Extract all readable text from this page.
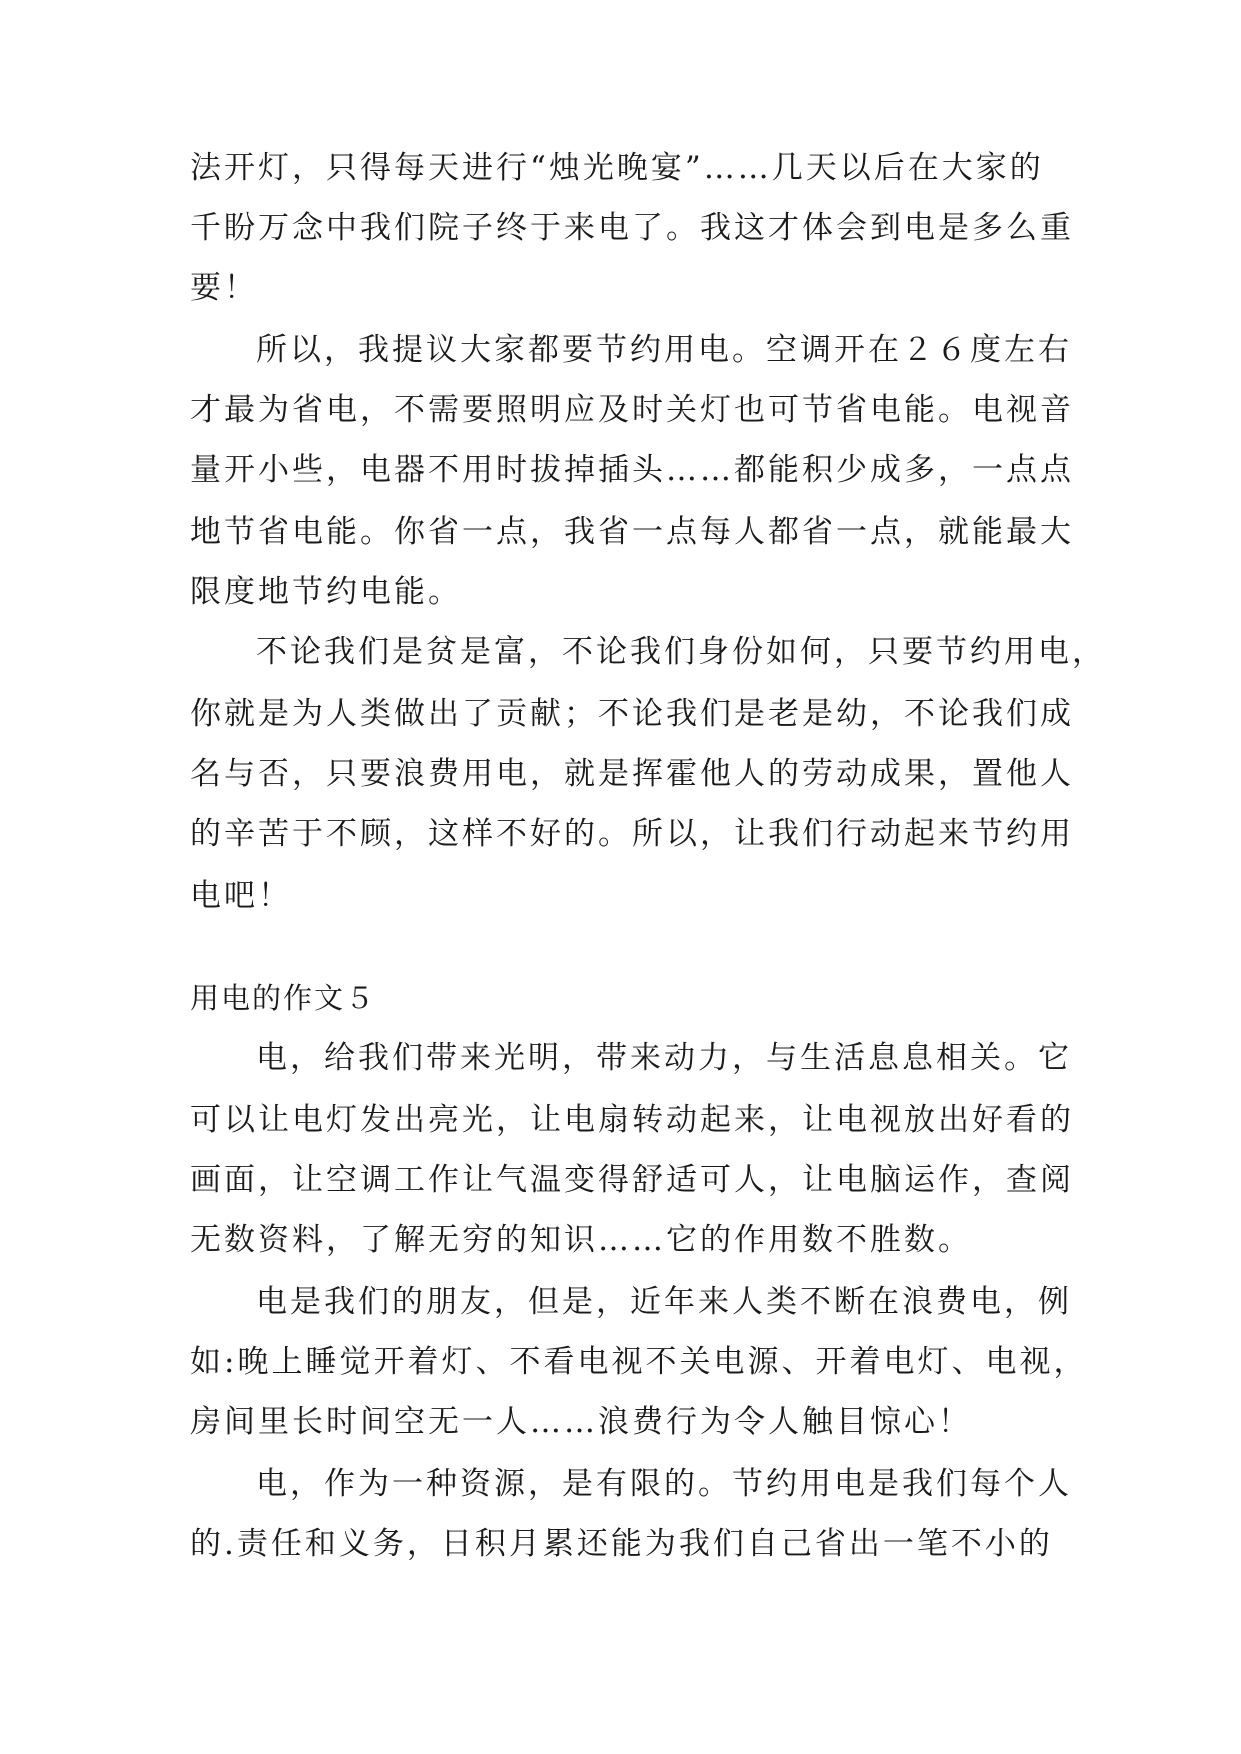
法开灯，只得每天进行“烛光晚宴”……几天以后在大家的
千盼万念中我们院子终于来电了。我这才体会到电是多么重
要！
所以，我提议大家都要节约用电。空调开在２６度左右
才最为省电，不需要照明应及时关灯也可节省电能。电视音
量开小些，电器不用时拔掉插头……都能积少成多，一点点
地节省电能。你省一点，我省一点每人都省一点，就能最大
限度地节约电能。
不论我们是贫是富，不论我们身份如何，只要节约用电，
你就是为人类做出了贡献；不论我们是老是幼，不论我们成
名与否，只要浪费用电，就是挥霍他人的劳动成果，置他人
的辛苦于不顾，这样不好的。所以，让我们行动起来节约用
电吧！
用电的作文５
电，给我们带来光明，带来动力，与生活息息相关。它
可以让电灯发出亮光，让电扇转动起来，让电视放出好看的
画面，让空调工作让气温变得舒适可人，让电脑运作，查阅
无数资料，了解无穷的知识……它的作用数不胜数。
电是我们的朋友，但是，近年来人类不断在浪费电，例
如:晚上睡觉开着灯、不看电视不关电源、开着电灯、电视，
房间里长时间空无一人……浪费行为令人触目惊心！
电，作为一种资源，是有限的。节约用电是我们每个人
的.责任和义务，日积月累还能为我们自己省出一笔不小的
